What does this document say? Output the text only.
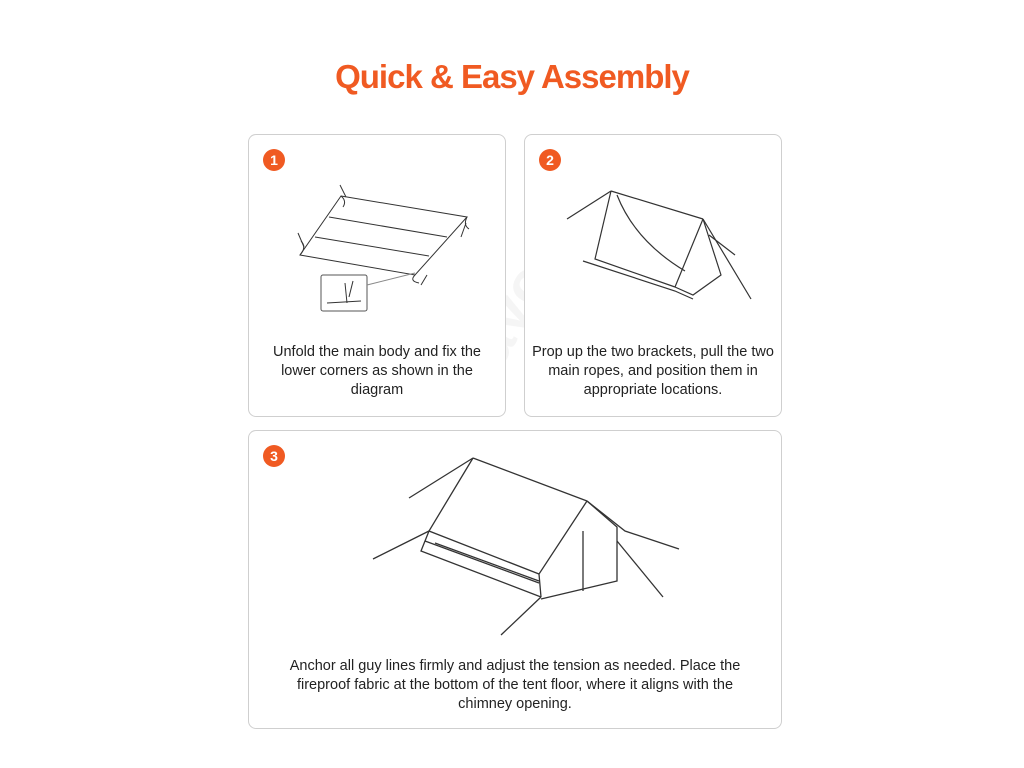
Quick & Easy Assembly
1

Unfold the main body and fix the lower corners as shown in the diagram

2

Prop up the two brackets, pull the two main ropes, and position them in appropriate locations.

3

Anchor all guy lines firmly and adjust the tension as needed. Place the fireproof fabric at the bottom of the tent floor, where it aligns with the chimney opening.
